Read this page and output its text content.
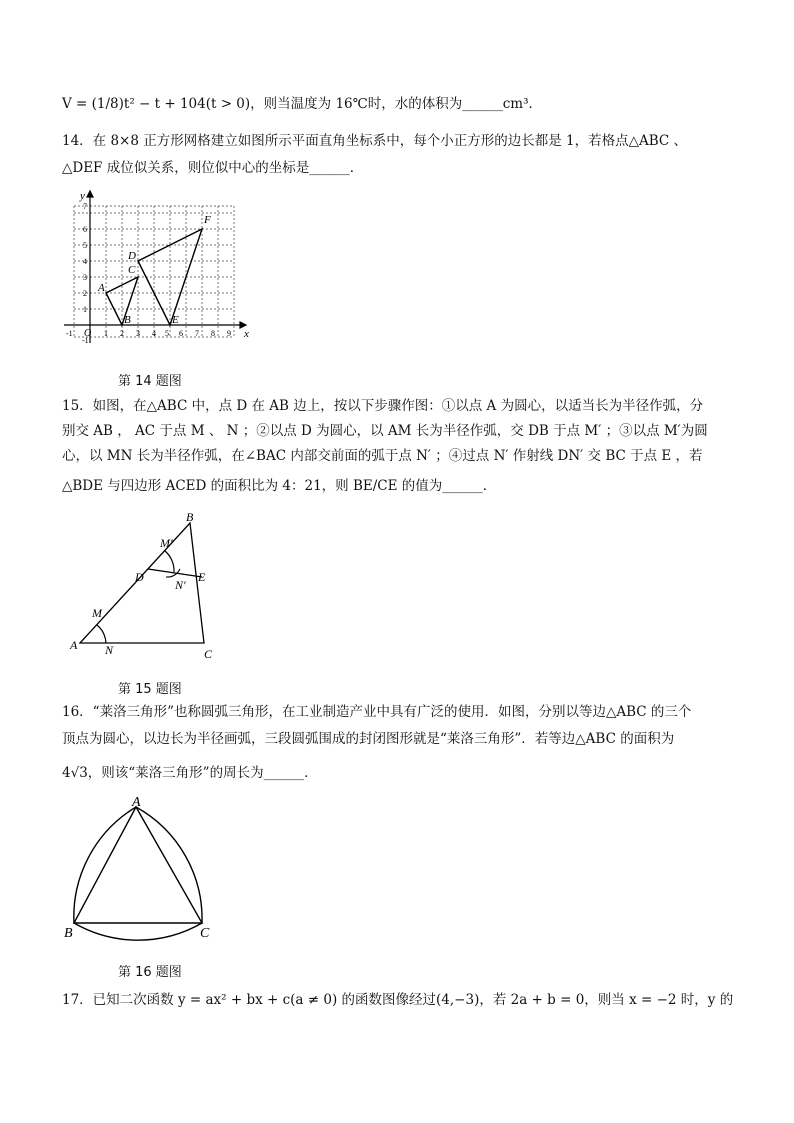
V = (1/8)t² − t + 104(t > 0)，则当温度为 16℃时，水的体积为______cm³．
14．在 8×8 正方形网格建立如图所示平面直角坐标系中，每个小正方形的边长都是 1，若格点△ABC 、
△DEF 成位似关系，则位似中心的坐标是______．
x
y
O
-1	1 2 3 4	6 7 8 9
5
-1
1
2
3
4
5
6
7
A
B
C
D
E
F
第 14 题图
15．如图，在△ABC 中，点 D 在 AB 边上，按以下步骤作图：①以点 A 为圆心，以适当长为半径作弧，分
别交 AB ， AC 于点 M 、 N ；②以点 D 为圆心，以 AM 长为半径作弧，交 DB 于点 M′ ；③以点 M′为圆
心，以 MN 长为半径作弧，在∠BAC 内部交前面的弧于点 N′ ；④过点 N′ 作射线 DN′ 交 BC 于点 E ，若
△BDE 与四边形 ACED 的面积比为 4：21，则 BE/CE 的值为______．
A
B
C
D	E
M
N
M′
N′
第 15 题图
16．“莱洛三角形”也称圆弧三角形，在工业制造产业中具有广泛的使用．如图，分别以等边△ABC 的三个
顶点为圆心，以边长为半径画弧，三段圆弧围成的封闭图形就是“莱洛三角形”．若等边△ABC 的面积为
4√3，则该“莱洛三角形”的周长为______．
A
B	C
第 16 题图
17．已知二次函数 y = ax² + bx + c(a ≠ 0) 的函数图像经过(4,−3)，若 2a + b = 0，则当 x = −2 时，y 的
